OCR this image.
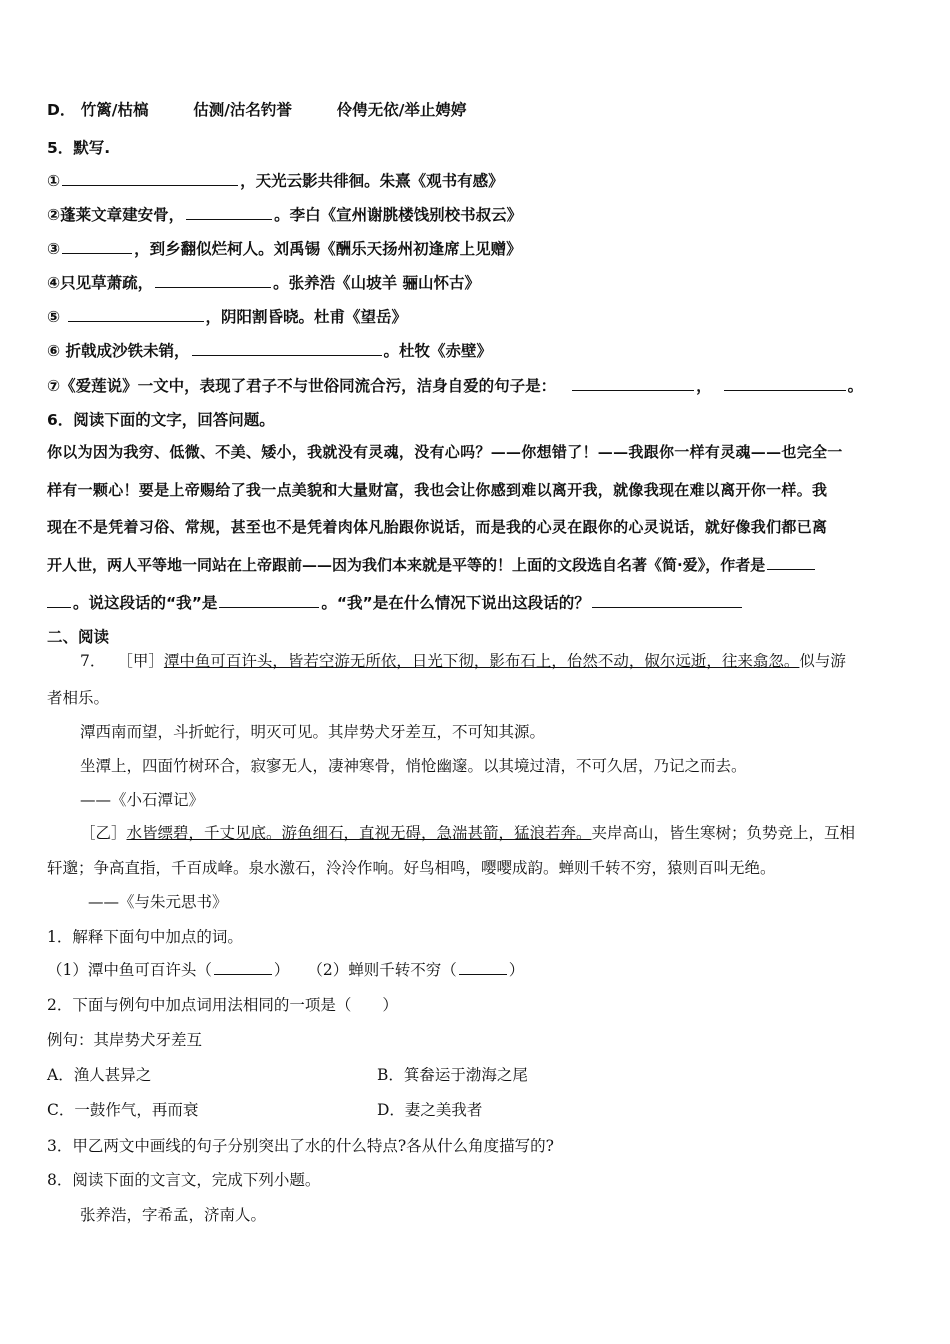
D． 竹篱/枯槁	估测/沽名钓誉	伶俜无依/举止娉婷
5．默写.
①	，天光云影共徘徊。朱熹《观书有感》
②蓬莱文章建安骨，	。李白《宣州谢朓楼饯别校书叔云》
③	，到乡翻似烂柯人。刘禹锡《酬乐天扬州初逢席上见赠》
④只见草萧疏，	。张养浩《山坡羊 骊山怀古》
⑤	，阴阳割昏晓。杜甫《望岳》
⑥ 折戟成沙铁未销，	。杜牧《赤壁》
⑦《爱莲说》一文中，表现了君子不与世俗同流合污，洁身自爱的句子是：	，	。
6．阅读下面的文字，回答问题。
你以为因为我穷、低微、不美、矮小，我就没有灵魂，没有心吗？——你想错了！——我跟你一样有灵魂——也完全一
样有一颗心！要是上帝赐给了我一点美貌和大量财富，我也会让你感到难以离开我，就像我现在难以离开你一样。我
现在不是凭着习俗、常规，甚至也不是凭着肉体凡胎跟你说话，而是我的心灵在跟你的心灵说话，就好像我们都已离
开人世，两人平等地一同站在上帝跟前——因为我们本来就是平等的！上面的文段选自名著《简·爱》，作者是
。说这段话的“我”是	。“我”是在什么情况下说出这段话的？
二、阅读
7． ［甲］潭中鱼可百许头，皆若空游无所依，日光下彻，影布石上，佁然不动，俶尔远逝，往来翕忽。似与游
者相乐。
潭西南而望，斗折蛇行，明灭可见。其岸势犬牙差互，不可知其源。
坐潭上，四面竹树环合，寂寥无人，凄神寒骨，悄怆幽邃。以其境过清，不可久居，乃记之而去。
——《小石潭记》
［乙］水皆缥碧，千丈见底。游鱼细石，直视无碍，急湍甚箭，猛浪若奔。夹岸高山，皆生寒树；负势竞上，互相
轩邈；争高直指，千百成峰。泉水激石，泠泠作响。好鸟相鸣，嘤嘤成韵。蝉则千转不穷，猿则百叫无绝。
——《与朱元思书》
1．解释下面句中加点的词。
（1）潭中鱼可百许头（	） （2）蝉则千转不穷（	）
2．下面与例句中加点词用法相同的一项是（　　）
例句：其岸势犬牙差互
A．渔人甚异之	B．箕畚运于渤海之尾
C．一鼓作气，再而衰	D．妻之美我者
3．甲乙两文中画线的句子分别突出了水的什么特点?各从什么角度描写的?
8．阅读下面的文言文，完成下列小题。
张养浩，字希孟，济南人。
